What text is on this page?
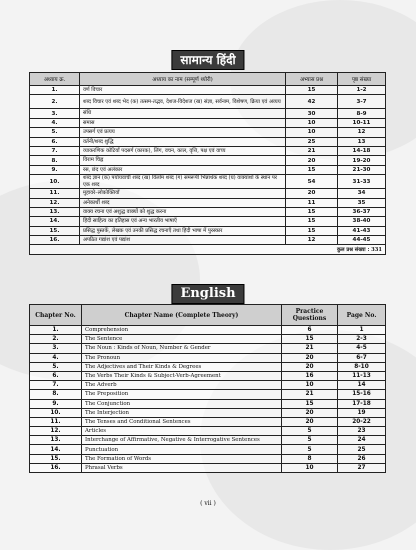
सामान्य हिंदी
अध्याय क्र.	अध्याय का नाम (सम्पूर्ण थ्योरी)	अभ्यास प्रश्न	पृष्ठ संख्या
1.	वर्ण विचार	15	1-2
2.	शब्द विचार एवं शब्द भेद (क) तत्सम-तद्भव, देशज-विदेशज (ख) संज्ञा, सर्वनाम, विशेषण, क्रिया एवं अव्यय	42	3-7
3.	संधि	30	8-9
4.	समास	10	10-11
5.	उपसर्ग एवं प्रत्यय	10	12
6.	वर्तनी/शब्द शुद्धि	25	13
7.	व्याकरणिक कोटियाँ पदसर्ग (कारक), लिंग, वचन, काल, वृत्ति, पक्ष एवं वाच्य	21	14-18
8.	विराम चिह्न	20	19-20
9.	रस, छंद एवं अलंकार	15	21-30
10.	शब्द ज्ञान (क) पर्यायवाची शब्द (ख) विलोम शब्द (ग) समरूपी भिन्नार्थक शब्द (घ) वाक्यांशों के स्थान पर एक शब्द	54	31-33
11.	मुहावरे–लोकोक्तियाँ	20	34
12.	अनेकार्थी शब्द	11	35
13.	वाक्य रचना एवं अशुद्ध वाक्यों को शुद्ध करना	15	36-37
14.	हिंदी साहित्य का इतिहास एवं अन्य भारतीय भाषाएँ	15	38-40
15.	प्रसिद्ध पुस्तकें, लेखक एवं उनकी प्रसिद्ध रचनाएँ तथा हिंदी भाषा में पुरस्कार	15	41-43
16.	अपठित गद्यांश एवं पद्यांश	12	44-45
कुल प्रश्न संख्या : 331			
English
Chapter No.	Chapter Name (Complete Theory)	Practice Questions	Page No.
1.	Comprehension	6	1
2.	The Sentence	15	2-3
3.	The Noun : Kinds of Noun, Number & Gender	21	4-5
4.	The Pronoun	20	6-7
5.	The Adjectives and Their Kinds & Degrees	20	8-10
6.	The Verbs Their Kinds & Subject-Verb-Agreement	16	11-13
7.	The Adverb	10	14
8.	The Preposition	21	15-16
9.	The Conjunction	15	17-18
10.	The Interjection	20	19
11.	The Tenses and Conditional Sentences	20	20-22
12.	Articles	5	23
13.	Interchange of Affirmative, Negative & Interrogative Sentences	5	24
14.	Punctuation	5	25
15.	The Formation of Words	8	26
16.	Phrasal Verbs	10	27
( vii )
